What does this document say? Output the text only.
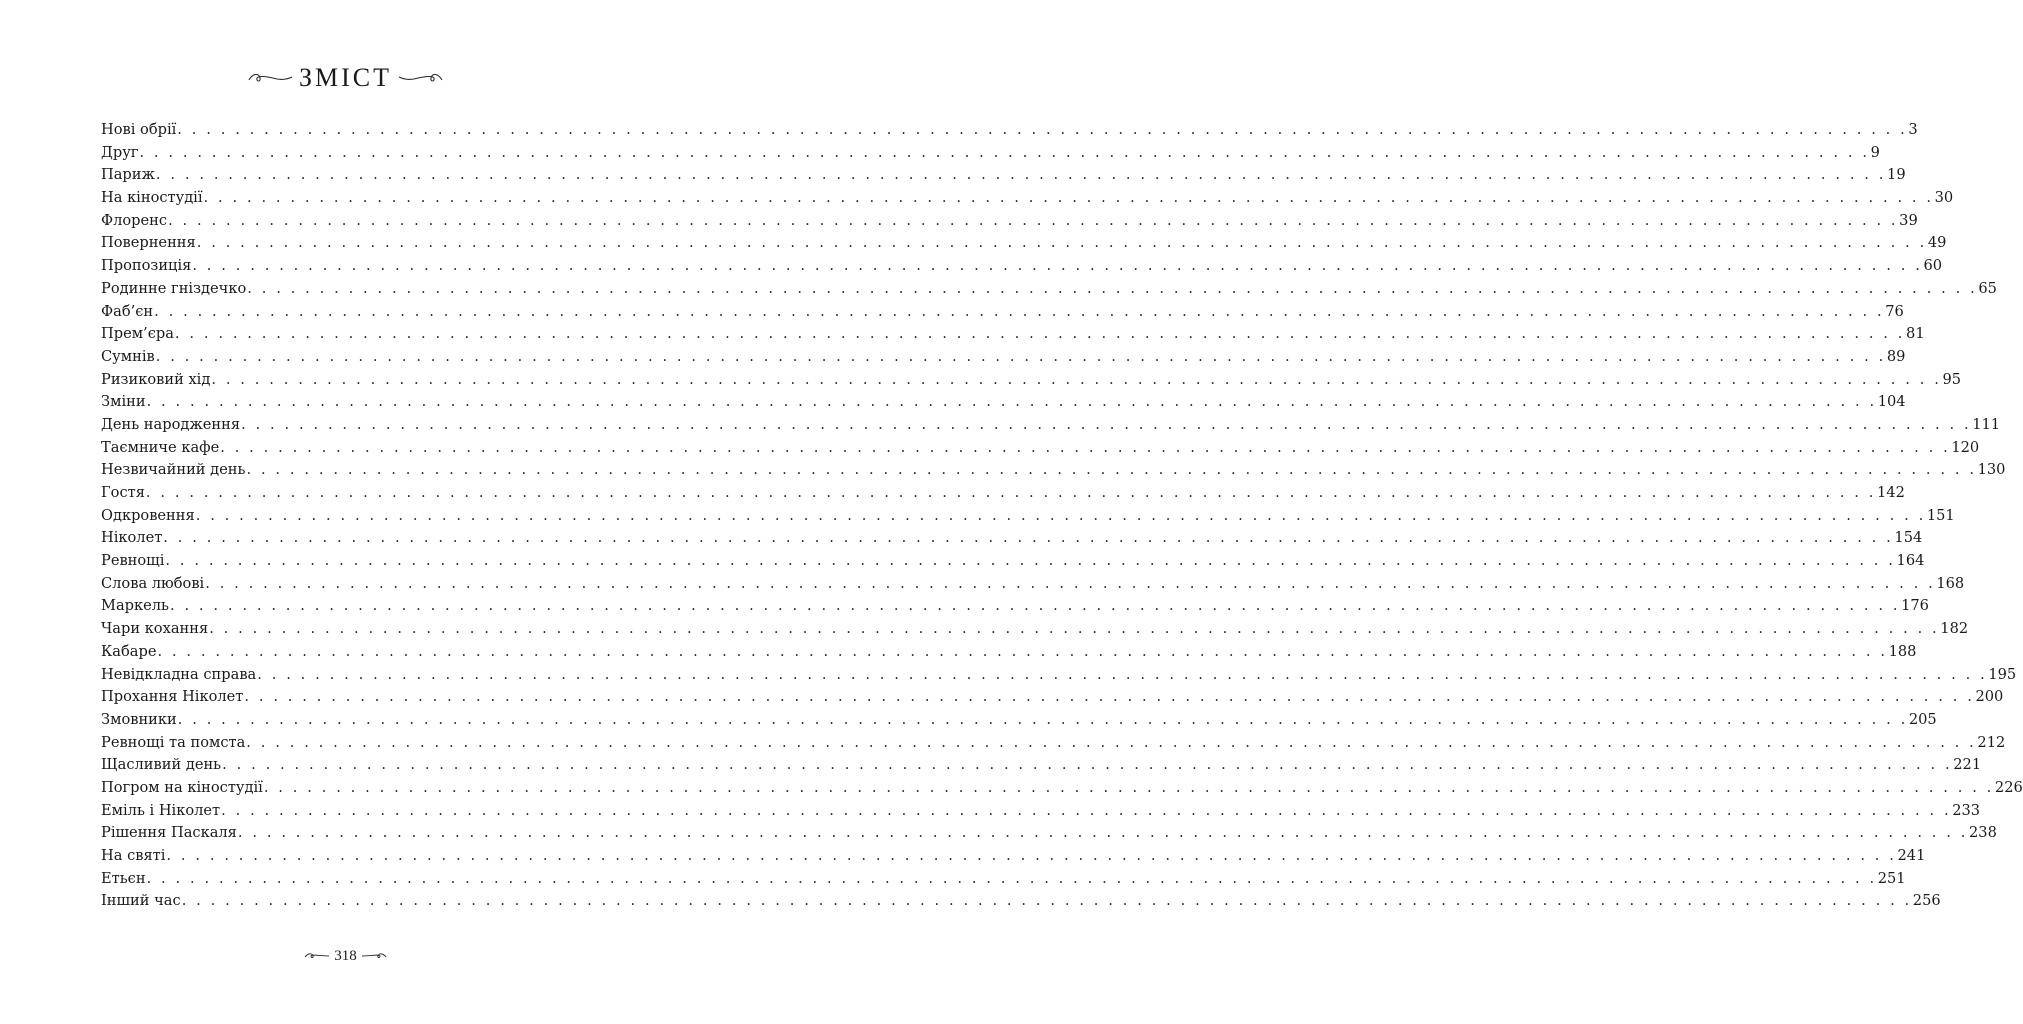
ЗМІСТ
Нові обрії . . . . . . . . . . . . . . . . . . . . . . . . . . . . . . . . . . . . . . . . . . . . . . . . . . . . . . . . . . . . . . . . . . . . . . . . . . . . . . . . . . . . . . . . . . . . . . . . . . . . . . . . . . . . . . . . . . . . . . . . 3
Друг . . . . . . . . . . . . . . . . . . . . . . . . . . . . . . . . . . . . . . . . . . . . . . . . . . . . . . . . . . . . . . . . . . . . . . . . . . . . . . . . . . . . . . . . . . . . . . . . . . . . . . . . . . . . . . . . . . . . . . . . 9
Париж . . . . . . . . . . . . . . . . . . . . . . . . . . . . . . . . . . . . . . . . . . . . . . . . . . . . . . . . . . . . . . . . . . . . . . . . . . . . . . . . . . . . . . . . . . . . . . . . . . . . . . . . . . . . . . . . . . . . . . . . 19
На кіностудії . . . . . . . . . . . . . . . . . . . . . . . . . . . . . . . . . . . . . . . . . . . . . . . . . . . . . . . . . . . . . . . . . . . . . . . . . . . . . . . . . . . . . . . . . . . . . . . . . . . . . . . . . . . . . . . . . . . . . . . . 30
Флоренс . . . . . . . . . . . . . . . . . . . . . . . . . . . . . . . . . . . . . . . . . . . . . . . . . . . . . . . . . . . . . . . . . . . . . . . . . . . . . . . . . . . . . . . . . . . . . . . . . . . . . . . . . . . . . . . . . . . . . . . . 39
Повернення . . . . . . . . . . . . . . . . . . . . . . . . . . . . . . . . . . . . . . . . . . . . . . . . . . . . . . . . . . . . . . . . . . . . . . . . . . . . . . . . . . . . . . . . . . . . . . . . . . . . . . . . . . . . . . . . . . . . . . . . 49
Пропозиція . . . . . . . . . . . . . . . . . . . . . . . . . . . . . . . . . . . . . . . . . . . . . . . . . . . . . . . . . . . . . . . . . . . . . . . . . . . . . . . . . . . . . . . . . . . . . . . . . . . . . . . . . . . . . . . . . . . . . . . . 60
Родинне гніздечко . . . . . . . . . . . . . . . . . . . . . . . . . . . . . . . . . . . . . . . . . . . . . . . . . . . . . . . . . . . . . . . . . . . . . . . . . . . . . . . . . . . . . . . . . . . . . . . . . . . . . . . . . . . . . . . . . . . . . . . . 65
Фаб’єн . . . . . . . . . . . . . . . . . . . . . . . . . . . . . . . . . . . . . . . . . . . . . . . . . . . . . . . . . . . . . . . . . . . . . . . . . . . . . . . . . . . . . . . . . . . . . . . . . . . . . . . . . . . . . . . . . . . . . . . . 76
Прем’єра . . . . . . . . . . . . . . . . . . . . . . . . . . . . . . . . . . . . . . . . . . . . . . . . . . . . . . . . . . . . . . . . . . . . . . . . . . . . . . . . . . . . . . . . . . . . . . . . . . . . . . . . . . . . . . . . . . . . . . . . 81
Сумнів . . . . . . . . . . . . . . . . . . . . . . . . . . . . . . . . . . . . . . . . . . . . . . . . . . . . . . . . . . . . . . . . . . . . . . . . . . . . . . . . . . . . . . . . . . . . . . . . . . . . . . . . . . . . . . . . . . . . . . . . 89
Ризиковий хід . . . . . . . . . . . . . . . . . . . . . . . . . . . . . . . . . . . . . . . . . . . . . . . . . . . . . . . . . . . . . . . . . . . . . . . . . . . . . . . . . . . . . . . . . . . . . . . . . . . . . . . . . . . . . . . . . . . . . . . . 95
Зміни . . . . . . . . . . . . . . . . . . . . . . . . . . . . . . . . . . . . . . . . . . . . . . . . . . . . . . . . . . . . . . . . . . . . . . . . . . . . . . . . . . . . . . . . . . . . . . . . . . . . . . . . . . . . . . . . . . . . . . . . 104
День народження . . . . . . . . . . . . . . . . . . . . . . . . . . . . . . . . . . . . . . . . . . . . . . . . . . . . . . . . . . . . . . . . . . . . . . . . . . . . . . . . . . . . . . . . . . . . . . . . . . . . . . . . . . . . . . . . . . . . . . . . 111
Таємниче кафе . . . . . . . . . . . . . . . . . . . . . . . . . . . . . . . . . . . . . . . . . . . . . . . . . . . . . . . . . . . . . . . . . . . . . . . . . . . . . . . . . . . . . . . . . . . . . . . . . . . . . . . . . . . . . . . . . . . . . . . . 120
Незвичайний день . . . . . . . . . . . . . . . . . . . . . . . . . . . . . . . . . . . . . . . . . . . . . . . . . . . . . . . . . . . . . . . . . . . . . . . . . . . . . . . . . . . . . . . . . . . . . . . . . . . . . . . . . . . . . . . . . . . . . . . . 130
Гостя . . . . . . . . . . . . . . . . . . . . . . . . . . . . . . . . . . . . . . . . . . . . . . . . . . . . . . . . . . . . . . . . . . . . . . . . . . . . . . . . . . . . . . . . . . . . . . . . . . . . . . . . . . . . . . . . . . . . . . . . 142
Одкровення . . . . . . . . . . . . . . . . . . . . . . . . . . . . . . . . . . . . . . . . . . . . . . . . . . . . . . . . . . . . . . . . . . . . . . . . . . . . . . . . . . . . . . . . . . . . . . . . . . . . . . . . . . . . . . . . . . . . . . . . 151
Ніколет . . . . . . . . . . . . . . . . . . . . . . . . . . . . . . . . . . . . . . . . . . . . . . . . . . . . . . . . . . . . . . . . . . . . . . . . . . . . . . . . . . . . . . . . . . . . . . . . . . . . . . . . . . . . . . . . . . . . . . . . 154
Ревнощі . . . . . . . . . . . . . . . . . . . . . . . . . . . . . . . . . . . . . . . . . . . . . . . . . . . . . . . . . . . . . . . . . . . . . . . . . . . . . . . . . . . . . . . . . . . . . . . . . . . . . . . . . . . . . . . . . . . . . . . . 164
Слова любові . . . . . . . . . . . . . . . . . . . . . . . . . . . . . . . . . . . . . . . . . . . . . . . . . . . . . . . . . . . . . . . . . . . . . . . . . . . . . . . . . . . . . . . . . . . . . . . . . . . . . . . . . . . . . . . . . . . . . . . . 168
Маркель . . . . . . . . . . . . . . . . . . . . . . . . . . . . . . . . . . . . . . . . . . . . . . . . . . . . . . . . . . . . . . . . . . . . . . . . . . . . . . . . . . . . . . . . . . . . . . . . . . . . . . . . . . . . . . . . . . . . . . . . 176
Чари кохання . . . . . . . . . . . . . . . . . . . . . . . . . . . . . . . . . . . . . . . . . . . . . . . . . . . . . . . . . . . . . . . . . . . . . . . . . . . . . . . . . . . . . . . . . . . . . . . . . . . . . . . . . . . . . . . . . . . . . . . . 182
Кабаре . . . . . . . . . . . . . . . . . . . . . . . . . . . . . . . . . . . . . . . . . . . . . . . . . . . . . . . . . . . . . . . . . . . . . . . . . . . . . . . . . . . . . . . . . . . . . . . . . . . . . . . . . . . . . . . . . . . . . . . . 188
Невідкладна справа . . . . . . . . . . . . . . . . . . . . . . . . . . . . . . . . . . . . . . . . . . . . . . . . . . . . . . . . . . . . . . . . . . . . . . . . . . . . . . . . . . . . . . . . . . . . . . . . . . . . . . . . . . . . . . . . . . . . . . . . 195
Прохання Ніколет . . . . . . . . . . . . . . . . . . . . . . . . . . . . . . . . . . . . . . . . . . . . . . . . . . . . . . . . . . . . . . . . . . . . . . . . . . . . . . . . . . . . . . . . . . . . . . . . . . . . . . . . . . . . . . . . . . . . . . . . 200
Змовники . . . . . . . . . . . . . . . . . . . . . . . . . . . . . . . . . . . . . . . . . . . . . . . . . . . . . . . . . . . . . . . . . . . . . . . . . . . . . . . . . . . . . . . . . . . . . . . . . . . . . . . . . . . . . . . . . . . . . . . . 205
Ревнощі та помста . . . . . . . . . . . . . . . . . . . . . . . . . . . . . . . . . . . . . . . . . . . . . . . . . . . . . . . . . . . . . . . . . . . . . . . . . . . . . . . . . . . . . . . . . . . . . . . . . . . . . . . . . . . . . . . . . . . . . . . . 212
Щасливий день . . . . . . . . . . . . . . . . . . . . . . . . . . . . . . . . . . . . . . . . . . . . . . . . . . . . . . . . . . . . . . . . . . . . . . . . . . . . . . . . . . . . . . . . . . . . . . . . . . . . . . . . . . . . . . . . . . . . . . . . 221
Погром на кіностудії . . . . . . . . . . . . . . . . . . . . . . . . . . . . . . . . . . . . . . . . . . . . . . . . . . . . . . . . . . . . . . . . . . . . . . . . . . . . . . . . . . . . . . . . . . . . . . . . . . . . . . . . . . . . . . . . . . . . . . . . 226
Еміль і Ніколет . . . . . . . . . . . . . . . . . . . . . . . . . . . . . . . . . . . . . . . . . . . . . . . . . . . . . . . . . . . . . . . . . . . . . . . . . . . . . . . . . . . . . . . . . . . . . . . . . . . . . . . . . . . . . . . . . . . . . . . . 233
Рішення Паскаля . . . . . . . . . . . . . . . . . . . . . . . . . . . . . . . . . . . . . . . . . . . . . . . . . . . . . . . . . . . . . . . . . . . . . . . . . . . . . . . . . . . . . . . . . . . . . . . . . . . . . . . . . . . . . . . . . . . . . . . . 238
На святі . . . . . . . . . . . . . . . . . . . . . . . . . . . . . . . . . . . . . . . . . . . . . . . . . . . . . . . . . . . . . . . . . . . . . . . . . . . . . . . . . . . . . . . . . . . . . . . . . . . . . . . . . . . . . . . . . . . . . . . . 241
Етьєн . . . . . . . . . . . . . . . . . . . . . . . . . . . . . . . . . . . . . . . . . . . . . . . . . . . . . . . . . . . . . . . . . . . . . . . . . . . . . . . . . . . . . . . . . . . . . . . . . . . . . . . . . . . . . . . . . . . . . . . . 251
Інший час . . . . . . . . . . . . . . . . . . . . . . . . . . . . . . . . . . . . . . . . . . . . . . . . . . . . . . . . . . . . . . . . . . . . . . . . . . . . . . . . . . . . . . . . . . . . . . . . . . . . . . . . . . . . . . . . . . . . . . . . 256
318
